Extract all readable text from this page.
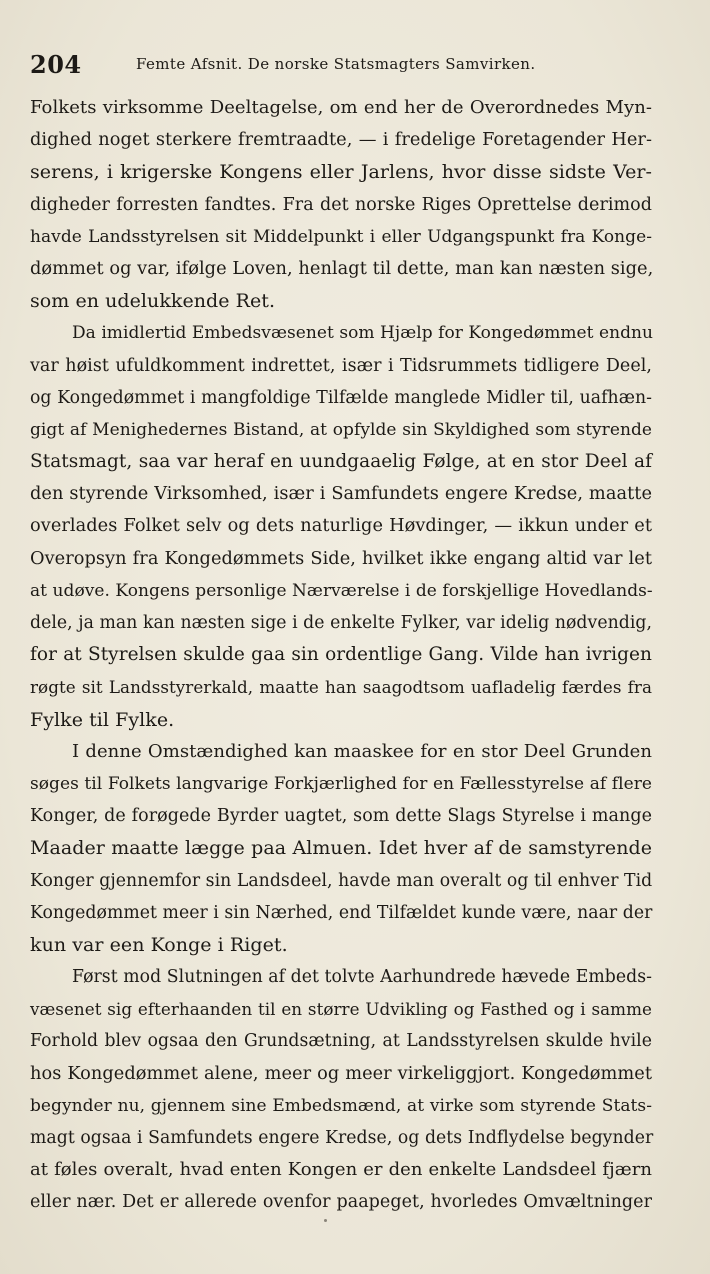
204	Femte Afsnit. De norske Statsmagters Samvirken.
Folkets virksomme Deeltagelse, om end her de Overordnedes Myn-
dighed noget sterkere fremtraadte, — i fredelige Foretagender Her-
serens, i krigerske Kongens eller Jarlens, hvor disse sidste Ver-
digheder forresten fandtes. Fra det norske Riges Oprettelse derimod
havde Landsstyrelsen sit Middelpunkt i eller Udgangspunkt fra Konge-
dømmet og var, ifølge Loven, henlagt til dette, man kan næsten sige,
som en udelukkende Ret.
Da imidlertid Embedsvæsenet som Hjælp for Kongedømmet endnu
var høist ufuldkomment indrettet, især i Tidsrummets tidligere Deel,
og Kongedømmet i mangfoldige Tilfælde manglede Midler til, uafhæn-
gigt af Menighedernes Bistand, at opfylde sin Skyldighed som styrende
Statsmagt, saa var heraf en uundgaaelig Følge, at en stor Deel af
den styrende Virksomhed, især i Samfundets engere Kredse, maatte
overlades Folket selv og dets naturlige Høvdinger, — ikkun under et
Overopsyn fra Kongedømmets Side, hvilket ikke engang altid var let
at udøve. Kongens personlige Nærværelse i de forskjellige Hovedlands-
dele, ja man kan næsten sige i de enkelte Fylker, var idelig nødvendig,
for at Styrelsen skulde gaa sin ordentlige Gang. Vilde han ivrigen
røgte sit Landsstyrerkald, maatte han saagodtsom uafladelig færdes fra
Fylke til Fylke.
I denne Omstændighed kan maaskee for en stor Deel Grunden
søges til Folkets langvarige Forkjærlighed for en Fællesstyrelse af flere
Konger, de forøgede Byrder uagtet, som dette Slags Styrelse i mange
Maader maatte lægge paa Almuen. Idet hver af de samstyrende
Konger gjennemfor sin Landsdeel, havde man overalt og til enhver Tid
Kongedømmet meer i sin Nærhed, end Tilfældet kunde være, naar der
kun var een Konge i Riget.
Først mod Slutningen af det tolvte Aarhundrede hævede Embeds-
væsenet sig efterhaanden til en større Udvikling og Fasthed og i samme
Forhold blev ogsaa den Grundsætning, at Landsstyrelsen skulde hvile
hos Kongedømmet alene, meer og meer virkeliggjort. Kongedømmet
begynder nu, gjennem sine Embedsmænd, at virke som styrende Stats-
magt ogsaa i Samfundets engere Kredse, og dets Indflydelse begynder
at føles overalt, hvad enten Kongen er den enkelte Landsdeel fjærn
eller nær. Det er allerede ovenfor paapeget, hvorledes Omvæltninger
